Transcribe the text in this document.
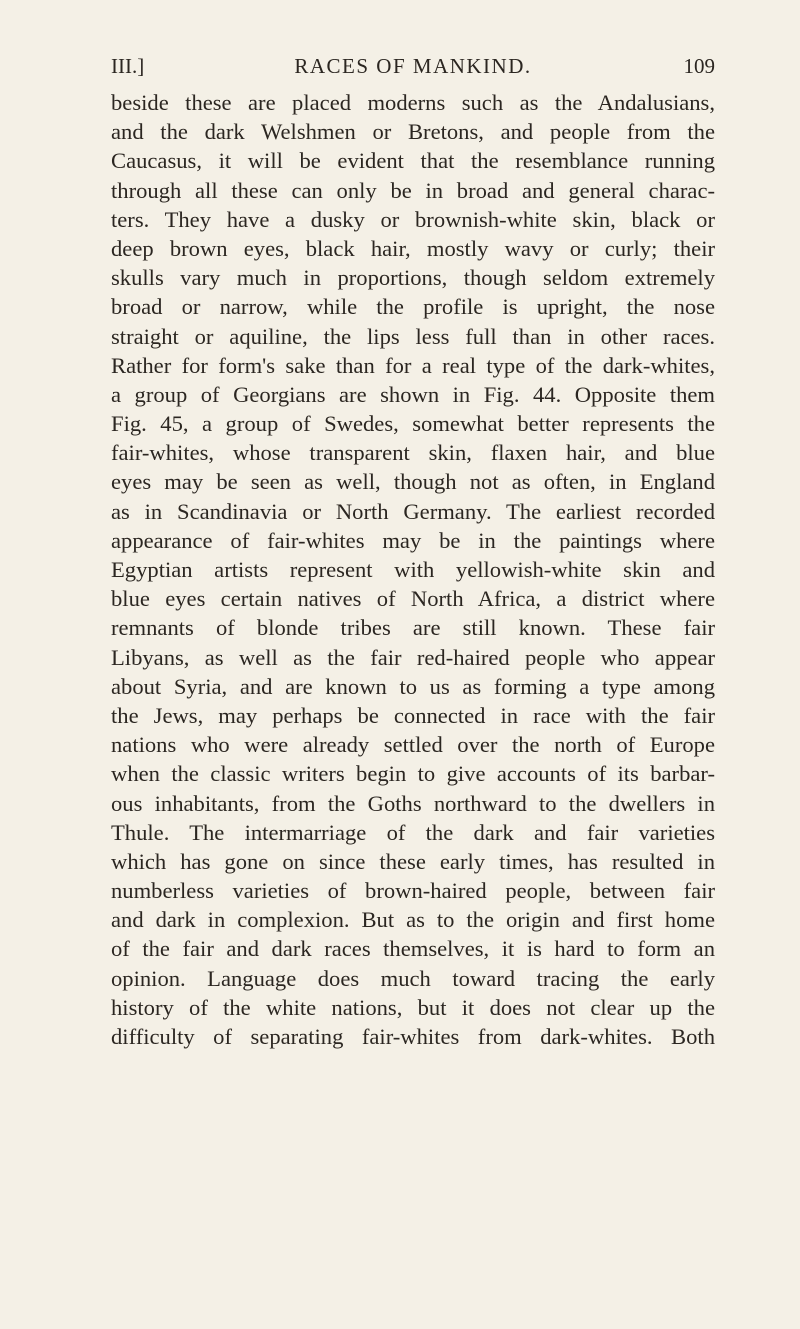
III.]	RACES OF MANKIND.	109
beside these are placed moderns such as the Andalusians,
and the dark Welshmen or Bretons, and people from the
Caucasus, it will be evident that the resemblance running
through all these can only be in broad and general charac-
ters. They have a dusky or brownish-white skin, black or
deep brown eyes, black hair, mostly wavy or curly; their
skulls vary much in proportions, though seldom extremely
broad or narrow, while the profile is upright, the nose
straight or aquiline, the lips less full than in other races.
Rather for form's sake than for a real type of the dark-whites,
a group of Georgians are shown in Fig. 44. Opposite them
Fig. 45, a group of Swedes, somewhat better represents the
fair-whites, whose transparent skin, flaxen hair, and blue
eyes may be seen as well, though not as often, in England
as in Scandinavia or North Germany. The earliest recorded
appearance of fair-whites may be in the paintings where
Egyptian artists represent with yellowish-white skin and
blue eyes certain natives of North Africa, a district where
remnants of blonde tribes are still known. These fair
Libyans, as well as the fair red-haired people who appear
about Syria, and are known to us as forming a type among
the Jews, may perhaps be connected in race with the fair
nations who were already settled over the north of Europe
when the classic writers begin to give accounts of its barbar-
ous inhabitants, from the Goths northward to the dwellers in
Thule. The intermarriage of the dark and fair varieties
which has gone on since these early times, has resulted in
numberless varieties of brown-haired people, between fair
and dark in complexion. But as to the origin and first home
of the fair and dark races themselves, it is hard to form an
opinion. Language does much toward tracing the early
history of the white nations, but it does not clear up the
difficulty of separating fair-whites from dark-whites. Both
